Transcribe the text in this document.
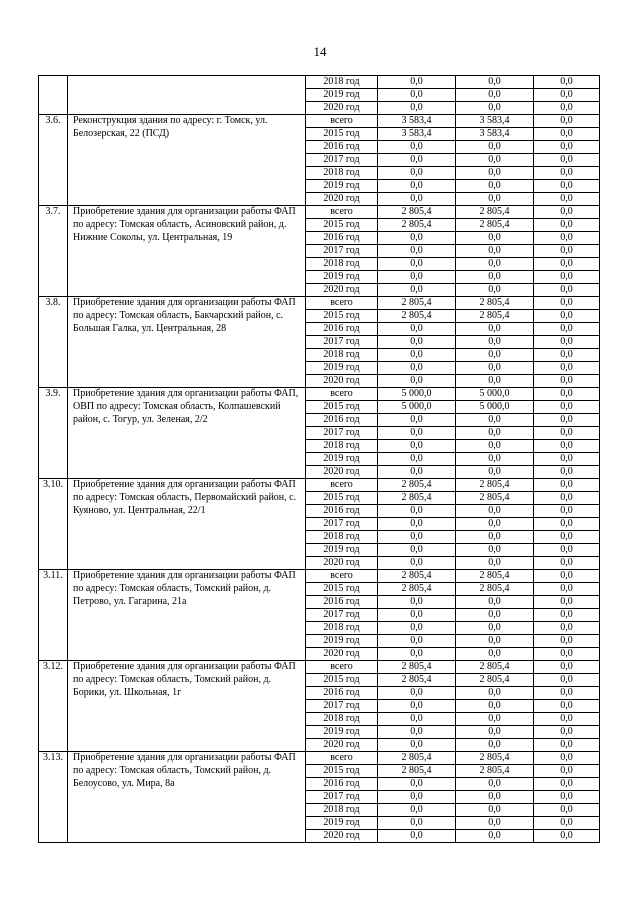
14
		2018 год	0,0	0,0	0,0
		2019 год	0,0	0,0	0,0
		2020 год	0,0	0,0	0,0
3.6.	Реконструкция здания по адресу: г. Томск, ул. Белозерская, 22 (ПСД)	всего	3 583,4	3 583,4	0,0
		2015 год	3 583,4	3 583,4	0,0
		2016 год	0,0	0,0	0,0
		2017 год	0,0	0,0	0,0
		2018 год	0,0	0,0	0,0
		2019 год	0,0	0,0	0,0
		2020 год	0,0	0,0	0,0
3.7.	Приобретение здания для организации работы ФАП по адресу: Томская область, Асиновский район, д. Нижние Соколы, ул. Центральная, 19	всего	2 805,4	2 805,4	0,0
		2015 год	2 805,4	2 805,4	0,0
		2016 год	0,0	0,0	0,0
		2017 год	0,0	0,0	0,0
		2018 год	0,0	0,0	0,0
		2019 год	0,0	0,0	0,0
		2020 год	0,0	0,0	0,0
3.8.	Приобретение здания для организации работы ФАП по адресу: Томская область, Бакчарский район, с. Большая Галка, ул. Центральная, 28	всего	2 805,4	2 805,4	0,0
		2015 год	2 805,4	2 805,4	0,0
		2016 год	0,0	0,0	0,0
		2017 год	0,0	0,0	0,0
		2018 год	0,0	0,0	0,0
		2019 год	0,0	0,0	0,0
		2020 год	0,0	0,0	0,0
3.9.	Приобретение здания для организации работы ФАП, ОВП по адресу: Томская область, Колпашевский район, с. Тогур, ул. Зеленая, 2/2	всего	5 000,0	5 000,0	0,0
		2015 год	5 000,0	5 000,0	0,0
		2016 год	0,0	0,0	0,0
		2017 год	0,0	0,0	0,0
		2018 год	0,0	0,0	0,0
		2019 год	0,0	0,0	0,0
		2020 год	0,0	0,0	0,0
3.10.	Приобретение здания для организации работы ФАП по адресу: Томская область, Первомайский район, с. Куяново, ул. Центральная, 22/1	всего	2 805,4	2 805,4	0,0
		2015 год	2 805,4	2 805,4	0,0
		2016 год	0,0	0,0	0,0
		2017 год	0,0	0,0	0,0
		2018 год	0,0	0,0	0,0
		2019 год	0,0	0,0	0,0
		2020 год	0,0	0,0	0,0
3.11.	Приобретение здания для организации работы ФАП по адресу: Томская область, Томский район, д. Петрово, ул. Гагарина, 21а	всего	2 805,4	2 805,4	0,0
		2015 год	2 805,4	2 805,4	0,0
		2016 год	0,0	0,0	0,0
		2017 год	0,0	0,0	0,0
		2018 год	0,0	0,0	0,0
		2019 год	0,0	0,0	0,0
		2020 год	0,0	0,0	0,0
3.12.	Приобретение здания для организации работы ФАП по адресу: Томская область, Томский район, д. Борики, ул. Школьная, 1г	всего	2 805,4	2 805,4	0,0
		2015 год	2 805,4	2 805,4	0,0
		2016 год	0,0	0,0	0,0
		2017 год	0,0	0,0	0,0
		2018 год	0,0	0,0	0,0
		2019 год	0,0	0,0	0,0
		2020 год	0,0	0,0	0,0
3.13.	Приобретение здания для организации работы ФАП по адресу: Томская область, Томский район, д. Белоусово, ул. Мира, 8а	всего	2 805,4	2 805,4	0,0
		2015 год	2 805,4	2 805,4	0,0
		2016 год	0,0	0,0	0,0
		2017 год	0,0	0,0	0,0
		2018 год	0,0	0,0	0,0
		2019 год	0,0	0,0	0,0
		2020 год	0,0	0,0	0,0
